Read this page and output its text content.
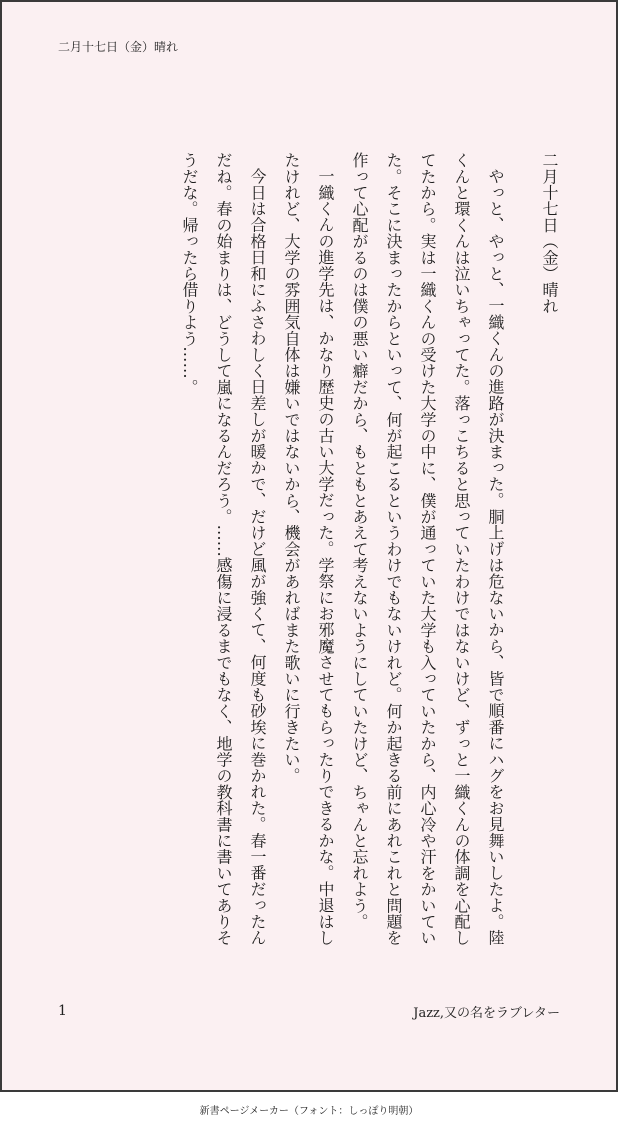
二月十七日（金）晴れ
二月十七日（金）晴れ

やっと、やっと、一織くんの進路が決まった。胴上げは危ないから、皆で順番にハグをお見舞いしたよ。陸くんと環くんは泣いちゃってた。落っこちると思っていたわけではないけど、ずっと一織くんの体調を心配してたから。実は一織くんの受けた大学の中に、僕が通っていた大学も入っていたから、内心冷や汗をかいていた。そこに決まったからといって、何が起こるというわけでもないけれど。何か起きる前にあれこれと問題を作って心配がるのは僕の悪い癖だから、もともとあえて考えないようにしていたけど、ちゃんと忘れよう。

一織くんの進学先は、かなり歴史の古い大学だった。学祭にお邪魔させてもらったりできるかな。中退はしたけれど、大学の雰囲気自体は嫌いではないから、機会があればまた歌いに行きたい。

今日は合格日和にふさわしく日差しが暖かで、だけど風が強くて、何度も砂埃に巻かれた。春一番だったんだね。春の始まりは、どうして嵐になるんだろう。……感傷に浸るまでもなく、地学の教科書に書いてありそうだな。帰ったら借りよう……。

1	Jazz,又の名をラブレター
新書ページメーカー（フォント：しっぽり明朝）
